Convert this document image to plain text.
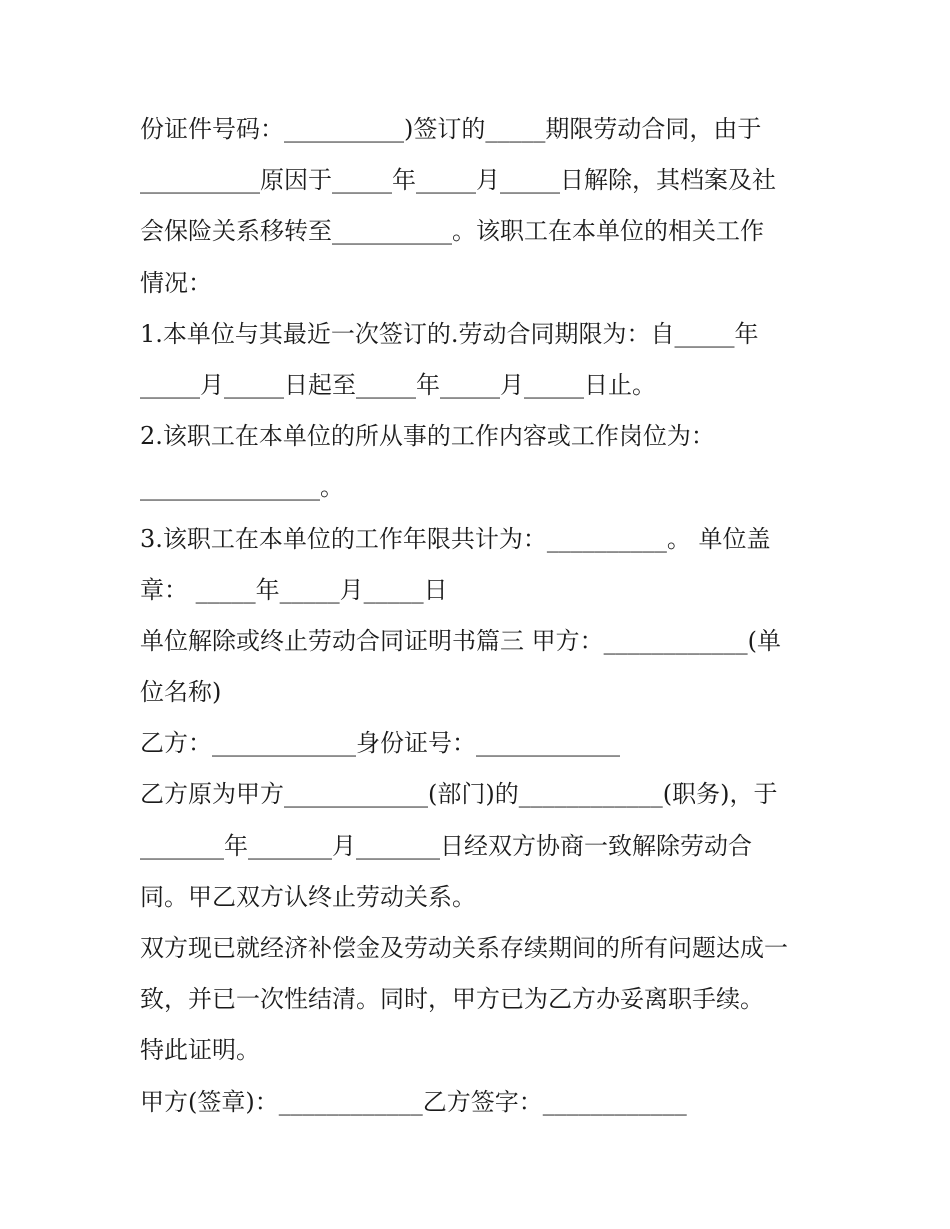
份证件号码：__________)签订的_____期限劳动合同，由于
__________原因于_____年_____月_____日解除，其档案及社
会保险关系移转至__________。该职工在本单位的相关工作
情况：
1.本单位与其最近一次签订的.劳动合同期限为：自_____年
_____月_____日起至_____年_____月_____日止。
2.该职工在本单位的所从事的工作内容或工作岗位为：
_______________。
3.该职工在本单位的工作年限共计为：__________。 单位盖
章： _____年_____月_____日
单位解除或终止劳动合同证明书篇三 甲方：____________(单
位名称)
乙方：____________身份证号：____________
乙方原为甲方____________(部门)的____________(职务)，于
_______年_______月_______日经双方协商一致解除劳动合
同。甲乙双方认终止劳动关系。
双方现已就经济补偿金及劳动关系存续期间的所有问题达成一
致，并已一次性结清。同时，甲方已为乙方办妥离职手续。
特此证明。
甲方(签章)：____________乙方签字：____________
